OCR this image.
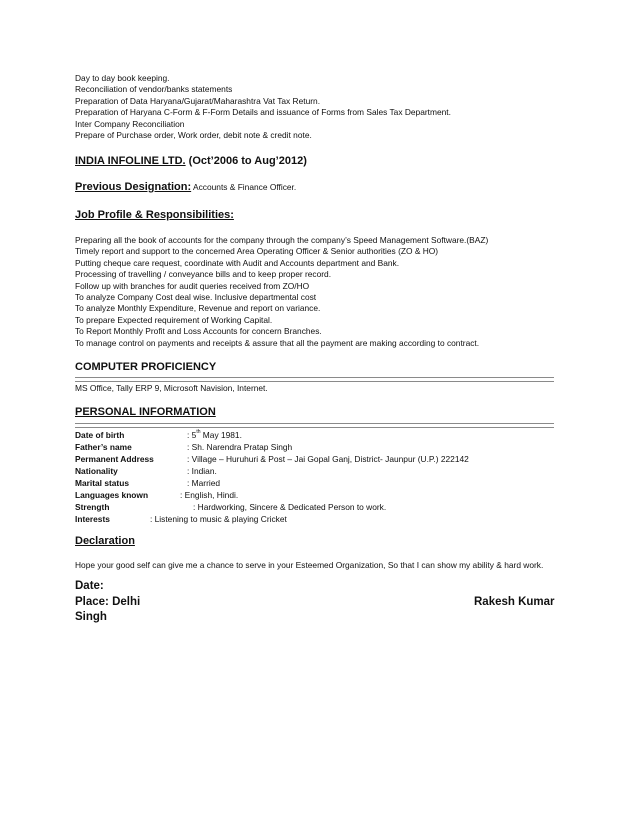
Day to day book keeping.
Reconciliation of vendor/banks statements
Preparation of Data Haryana/Gujarat/Maharashtra Vat Tax Return.
Preparation of Haryana C-Form & F-Form Details and issuance of Forms from Sales Tax Department.
Inter Company Reconciliation
Prepare of Purchase order, Work order, debit note & credit note.
INDIA INFOLINE LTD. (Oct’2006 to Aug’2012)
Previous Designation: Accounts & Finance Officer.
Job Profile & Responsibilities:
Preparing all the book of accounts for the company through the company’s Speed Management Software.(BAZ)
Timely report and support to the concerned Area Operating Officer & Senior authorities (ZO & HO)
Putting cheque care request, coordinate with Audit and Accounts department and Bank.
Processing of travelling / conveyance bills and to keep proper record.
Follow up with branches for audit queries received from ZO/HO
To analyze Company Cost deal wise. Inclusive departmental cost
To analyze Monthly Expenditure, Revenue and report on variance.
To prepare Expected requirement of Working Capital.
To Report Monthly Profit and Loss Accounts for concern Branches.
To manage control on payments and receipts & assure that all the payment are making according to contract.
COMPUTER PROFICIENCY
MS Office, Tally ERP 9, Microsoft Navision, Internet.
PERSONAL INFORMATION
Date of birth	: 5th May 1981.
Father’s name	: Sh. Narendra Pratap Singh
Permanent Address	: Village – Huruhuri & Post – Jai Gopal Ganj, District- Jaunpur (U.P.) 222142
Nationality	: Indian.
Marital status	: Married
Languages known	: English, Hindi.
Strength	: Hardworking, Sincere & Dedicated Person to work.
Interests	: Listening to music & playing Cricket
Declaration
Hope your good self can give me a chance to serve in your Esteemed Organization, So that I can show my ability & hard work.
Date:
Place: Delhi	Rakesh Kumar
Singh
